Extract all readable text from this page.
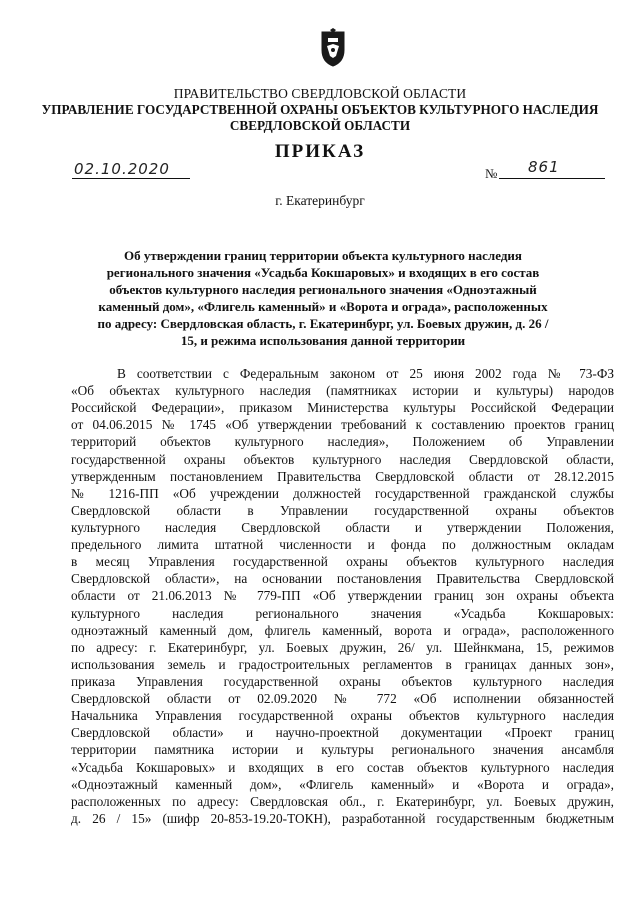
ПРАВИТЕЛЬСТВО СВЕРДЛОВСКОЙ ОБЛАСТИ
УПРАВЛЕНИЕ ГОСУДАРСТВЕННОЙ ОХРАНЫ ОБЪЕКТОВ КУЛЬТУРНОГО НАСЛЕДИЯ
СВЕРДЛОВСКОЙ ОБЛАСТИ
ПРИКАЗ
02.10.2020	№ 861
г. Екатеринбург
Об утверждении границ территории объекта культурного наследия
регионального значения «Усадьба Кокшаровых» и входящих в его состав
объектов культурного наследия регионального значения «Одноэтажный
каменный дом», «Флигель каменный» и «Ворота и ограда», расположенных
по адресу: Свердловская область, г. Екатеринбург, ул. Боевых дружин, д. 26 /
15, и режима использования данной территории
В соответствии с Федеральным законом от 25 июня 2002 года № 73-ФЗ
«Об объектах культурного наследия (памятниках истории и культуры) народов
Российской Федерации», приказом Министерства культуры Российской Федерации
от 04.06.2015 № 1745 «Об утверждении требований к составлению проектов границ
территорий объектов культурного наследия», Положением об Управлении
государственной охраны объектов культурного наследия Свердловской области,
утвержденным постановлением Правительства Свердловской области от 28.12.2015
№ 1216-ПП «Об учреждении должностей государственной гражданской службы
Свердловской области в Управлении государственной охраны объектов
культурного наследия Свердловской области и утверждении Положения,
предельного лимита штатной численности и фонда по должностным окладам
в месяц Управления государственной охраны объектов культурного наследия
Свердловской области», на основании постановления Правительства Свердловской
области от 21.06.2013 № 779-ПП «Об утверждении границ зон охраны объекта
культурного наследия регионального значения «Усадьба Кокшаровых:
одноэтажный каменный дом, флигель каменный, ворота и ограда», расположенного
по адресу: г. Екатеринбург, ул. Боевых дружин, 26/ ул. Шейнкмана, 15, режимов
использования земель и градостроительных регламентов в границах данных зон»,
приказа Управления государственной охраны объектов культурного наследия
Свердловской области от 02.09.2020 № 772 «Об исполнении обязанностей
Начальника Управления государственной охраны объектов культурного наследия
Свердловской области» и научно-проектной документации «Проект границ
территории памятника истории и культуры регионального значения ансамбля
«Усадьба Кокшаровых» и входящих в его состав объектов культурного наследия
«Одноэтажный каменный дом», «Флигель каменный» и «Ворота и ограда»,
расположенных по адресу: Свердловская обл., г. Екатеринбург, ул. Боевых дружин,
д. 26 / 15» (шифр 20-853-19.20-ТОКН), разработанной государственным бюджетным
